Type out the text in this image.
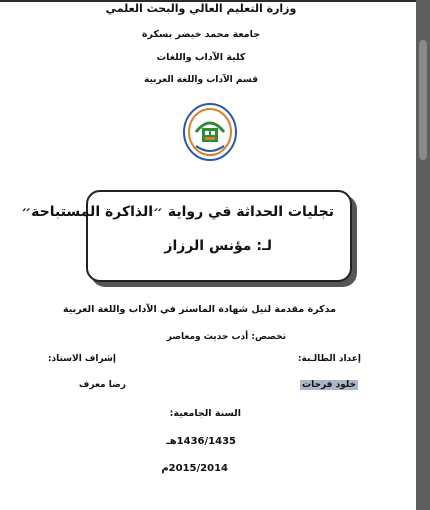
وزارة التعليم العالي والبحث العلمي
جامعة محمد خيضر بسكرة
كلية الآداب واللغات
قسم الآداب واللغة العربية
تجليات الحداثة في رواية ״الذاكرة المستباحة״
لـ: مؤنس الرزاز
مذكرة مقدمة لنيل شهادة الماستر في الآداب واللغة العربية
تخصص: أدب حديث ومعاصر
إعداد الطالـبة:
إشراف الاستاذ:
خلود فرحات
رضا معرف
السنة الجامعية:
1436/1435هـ
2015/2014م
